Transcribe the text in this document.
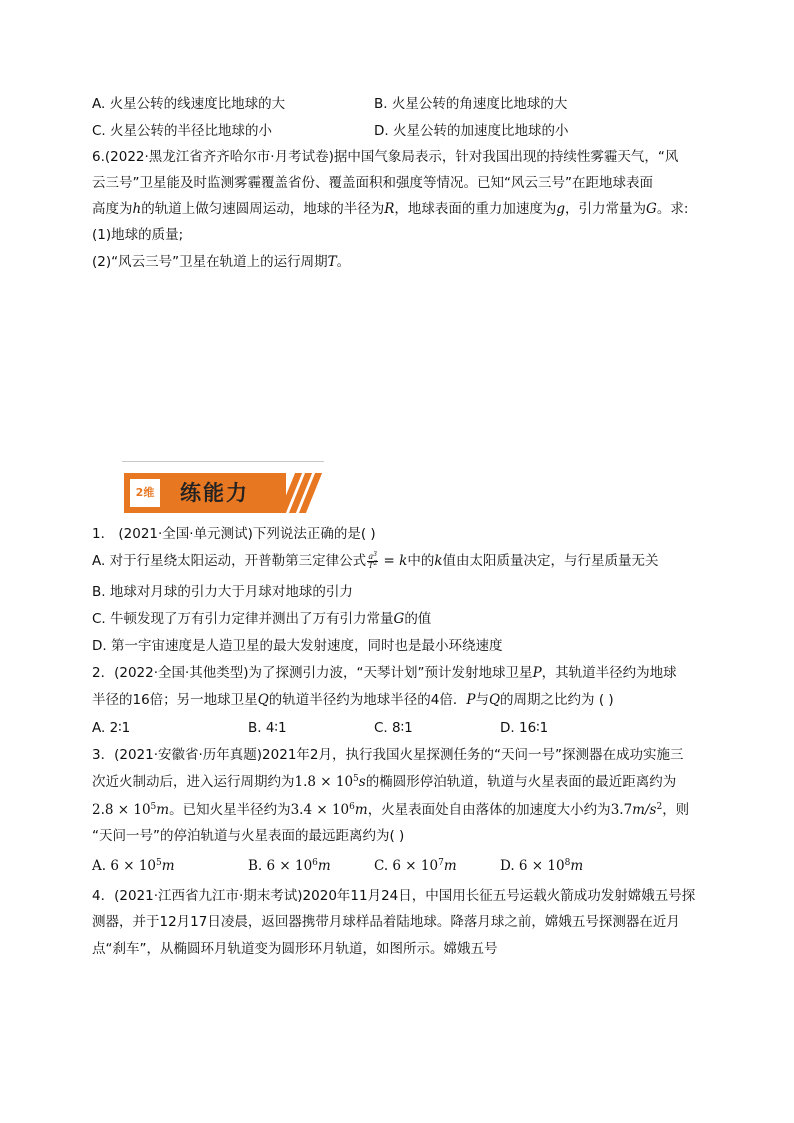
A. 火星公转的线速度比地球的大	B. 火星公转的角速度比地球的大
C. 火星公转的半径比地球的小	D. 火星公转的加速度比地球的小
6.(2022·黑龙江省齐齐哈尔市·月考试卷)据中国气象局表示，针对我国出现的持续性雾霾天气，“风
云三号”卫星能及时监测雾霾覆盖省份、覆盖面积和强度等情况。已知“风云三号”在距地球表面
高度为h的轨道上做匀速圆周运动，地球的半径为R，地球表面的重力加速度为g，引力常量为G。求:
(1)地球的质量;
(2)“风云三号”卫星在轨道上的运行周期T。
2维 练能力
1． (2021·全国·单元测试)下列说法正确的是( )
A. 对于行星绕太阳运动，开普勒第三定律公式 $\frac{a^3}{T^2} = k$中的k值由太阳质量决定，与行星质量无关
B. 地球对月球的引力大于月球对地球的引力
C. 牛顿发现了万有引力定律并测出了万有引力常量G的值
D. 第一宇宙速度是人造卫星的最大发射速度，同时也是最小环绕速度
2．(2022·全国·其他类型)为了探测引力波，“天琴计划”预计发射地球卫星P，其轨道半径约为地球
半径的16倍；另一地球卫星Q的轨道半径约为地球半径的4倍．P与Q的周期之比约为 ( )
A. 2∶1	B. 4∶1	C. 8∶1	D. 16∶1
3．(2021·安徽省·历年真题)2021年2月，执行我国火星探测任务的“天问一号”探测器在成功实施三
次近火制动后，进入运行周期约为$1.8 \times 10^5s$的椭圆形停泊轨道，轨道与火星表面的最近距离约为
$2.8 \times 10^5m$。已知火星半径约为$3.4 \times 10^6m$，火星表面处自由落体的加速度大小约为$3.7m/s^2$，则
“天问一号”的停泊轨道与火星表面的最远距离约为( )
A. $6 \times 10^5m$	B. $6 \times 10^6m$	C. $6 \times 10^7m$	D. $6 \times 10^8m$
4．(2021·江西省九江市·期末考试)2020年11月24日，中国用长征五号运载火箭成功发射嫦娥五号探
测器，并于12月17日凌晨，返回器携带月球样品着陆地球。降落月球之前，嫦娥五号探测器在近月
点“刹车”，从椭圆环月轨道变为圆形环月轨道，如图所示。嫦娥五号
